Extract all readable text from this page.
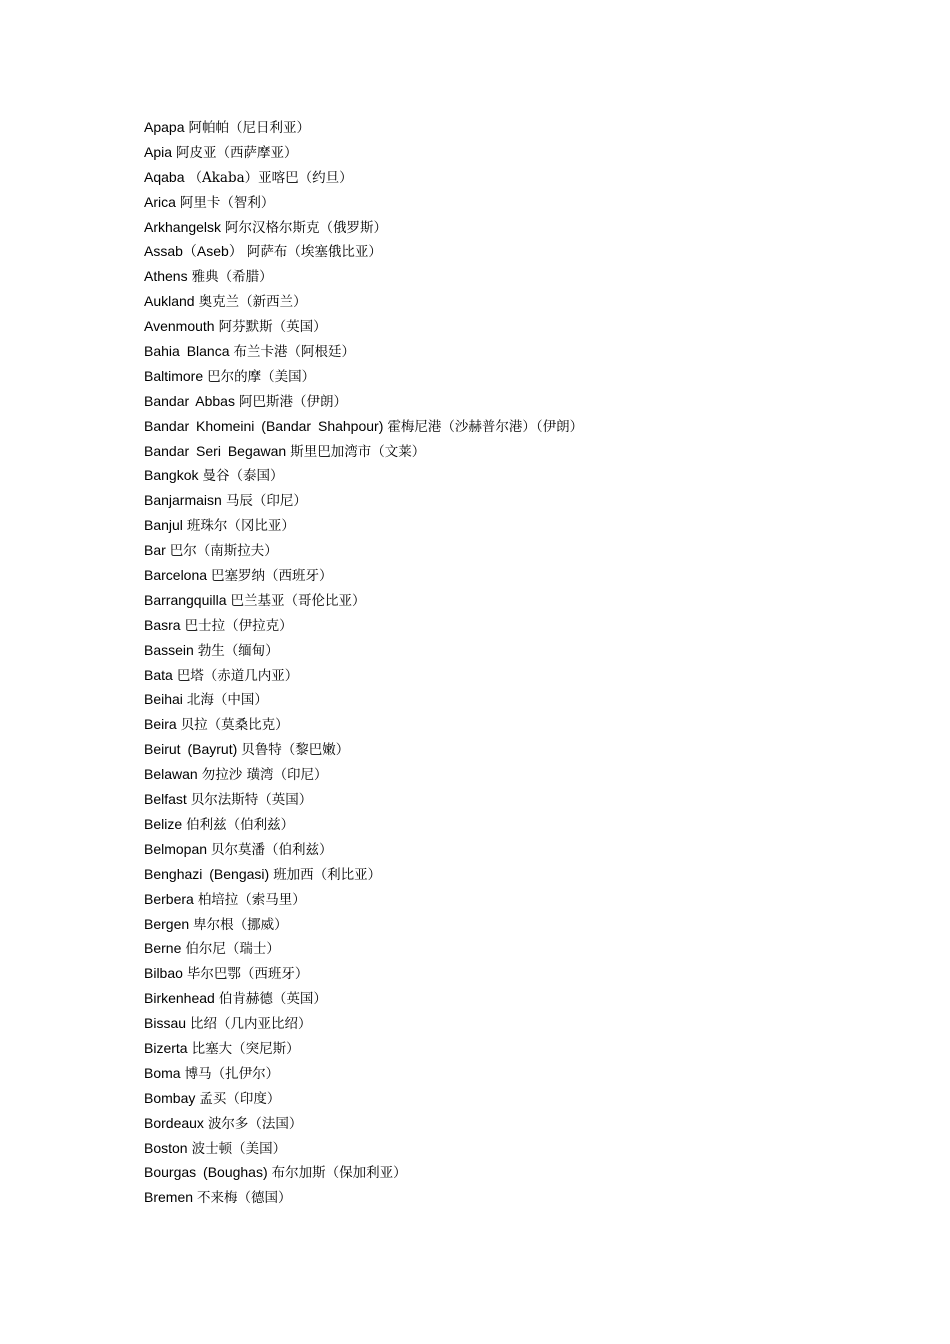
Apapa 阿帕帕（尼日利亚）
Apia 阿皮亚（西萨摩亚）
Aqaba （Akaba）亚喀巴（约旦）
Arica 阿里卡（智利）
Arkhangelsk 阿尔汉格尔斯克（俄罗斯）
Assab（Aseb） 阿萨布（埃塞俄比亚）
Athens 雅典（希腊）
Aukland 奥克兰（新西兰）
Avenmouth 阿芬默斯（英国）
Bahia Blanca 布兰卡港（阿根廷）
Baltimore 巴尔的摩（美国）
Bandar Abbas 阿巴斯港（伊朗）
Bandar Khomeini (Bandar Shahpour) 霍梅尼港（沙赫普尔港）（伊朗）
Bandar Seri Begawan 斯里巴加湾市（文莱）
Bangkok 曼谷（泰国）
Banjarmaisn 马辰（印尼）
Banjul 班珠尔（冈比亚）
Bar 巴尔（南斯拉夫）
Barcelona 巴塞罗纳（西班牙）
Barrangquilla 巴兰基亚（哥伦比亚）
Basra 巴士拉（伊拉克）
Bassein 勃生（缅甸）
Bata 巴塔（赤道几内亚）
Beihai 北海（中国）
Beira 贝拉（莫桑比克）
Beirut (Bayrut) 贝鲁特（黎巴嫩）
Belawan 勿拉沙 璜湾（印尼）
Belfast 贝尔法斯特（英国）
Belize 伯利兹（伯利兹）
Belmopan 贝尔莫潘（伯利兹）
Benghazi (Bengasi) 班加西（利比亚）
Berbera 柏培拉（索马里）
Bergen 卑尔根（挪威）
Berne 伯尔尼（瑞士）
Bilbao 毕尔巴鄂（西班牙）
Birkenhead 伯肯赫德（英国）
Bissau 比绍（几内亚比绍）
Bizerta 比塞大（突尼斯）
Boma 博马（扎伊尔）
Bombay 孟买（印度）
Bordeaux 波尔多（法国）
Boston 波士顿（美国）
Bourgas (Boughas) 布尔加斯（保加利亚）
Bremen 不来梅（德国）
